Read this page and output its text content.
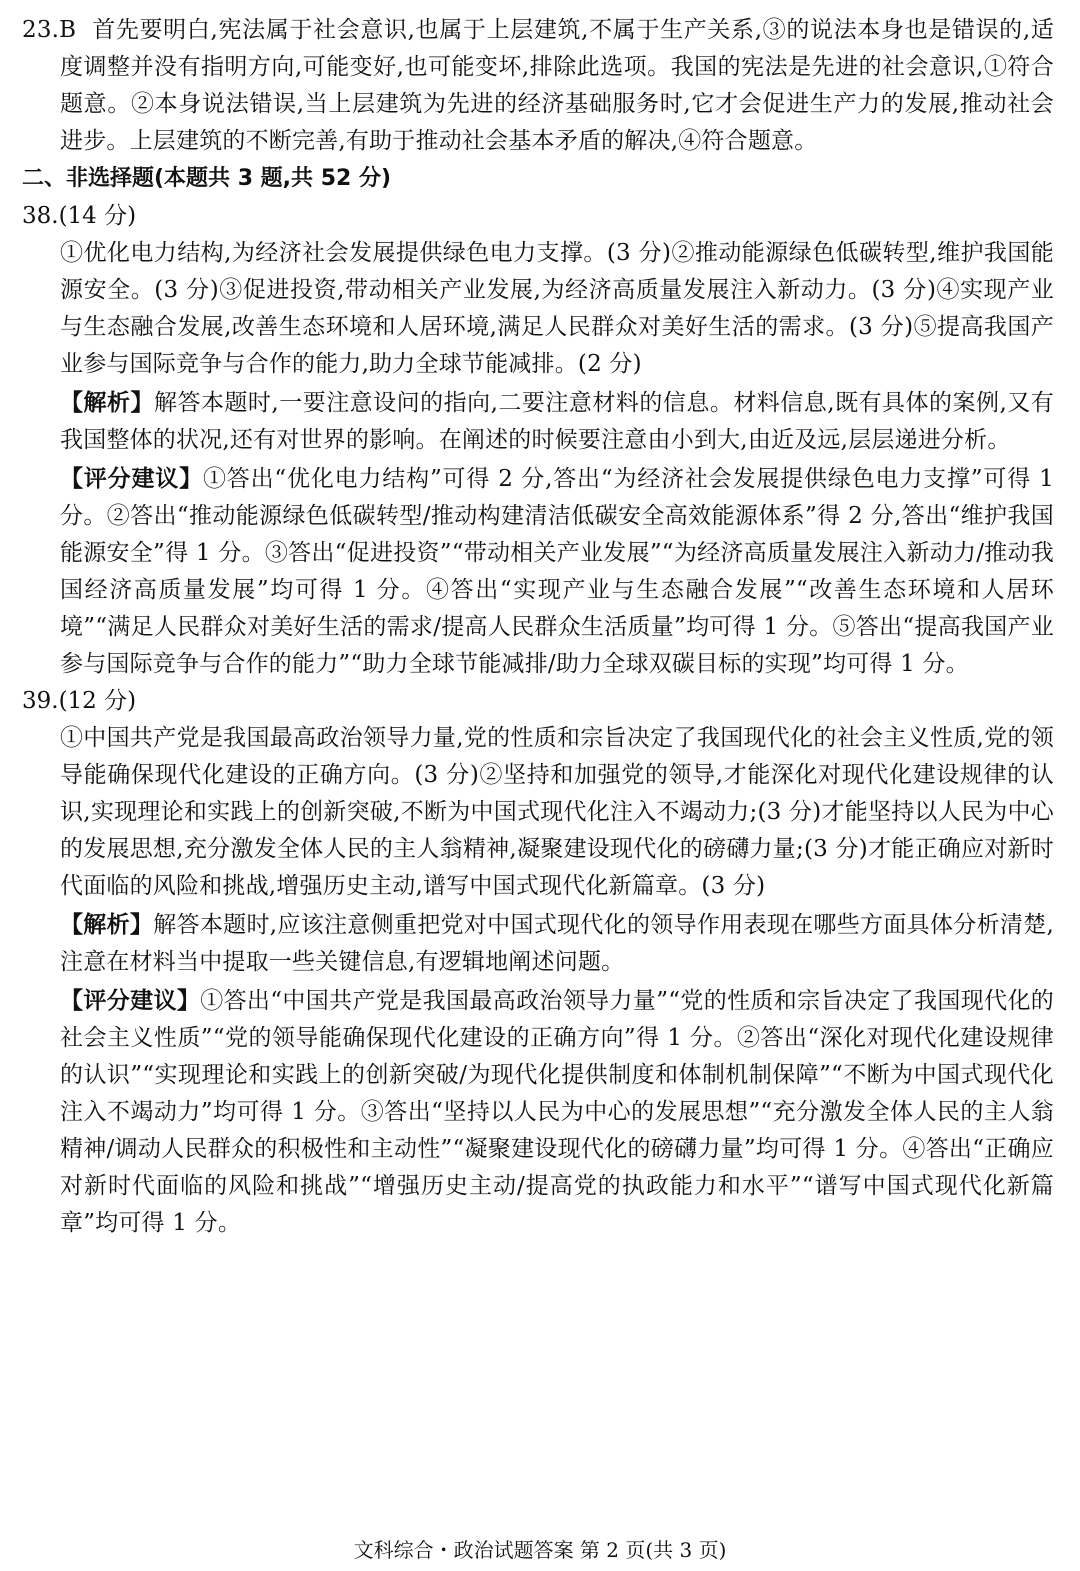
23.B 首先要明白,宪法属于社会意识,也属于上层建筑,不属于生产关系,③的说法本身也是错误的,适度调整并没有指明方向,可能变好,也可能变坏,排除此选项。我国的宪法是先进的社会意识,①符合题意。②本身说法错误,当上层建筑为先进的经济基础服务时,它才会促进生产力的发展,推动社会进步。上层建筑的不断完善,有助于推动社会基本矛盾的解决,④符合题意。

二、非选择题(本题共 3 题,共 52 分)

38.(14 分)

①优化电力结构,为经济社会发展提供绿色电力支撑。(3 分)②推动能源绿色低碳转型,维护我国能源安全。(3 分)③促进投资,带动相关产业发展,为经济高质量发展注入新动力。(3 分)④实现产业与生态融合发展,改善生态环境和人居环境,满足人民群众对美好生活的需求。(3 分)⑤提高我国产业参与国际竞争与合作的能力,助力全球节能减排。(2 分)

【解析】解答本题时,一要注意设问的指向,二要注意材料的信息。材料信息,既有具体的案例,又有我国整体的状况,还有对世界的影响。在阐述的时候要注意由小到大,由近及远,层层递进分析。

【评分建议】①答出“优化电力结构”可得 2 分,答出“为经济社会发展提供绿色电力支撑”可得 1 分。②答出“推动能源绿色低碳转型/推动构建清洁低碳安全高效能源体系”得 2 分,答出“维护我国能源安全”得 1 分。③答出“促进投资”“带动相关产业发展”“为经济高质量发展注入新动力/推动我国经济高质量发展”均可得 1 分。④答出“实现产业与生态融合发展”“改善生态环境和人居环境”“满足人民群众对美好生活的需求/提高人民群众生活质量”均可得 1 分。⑤答出“提高我国产业参与国际竞争与合作的能力”“助力全球节能减排/助力全球双碳目标的实现”均可得 1 分。

39.(12 分)

①中国共产党是我国最高政治领导力量,党的性质和宗旨决定了我国现代化的社会主义性质,党的领导能确保现代化建设的正确方向。(3 分)②坚持和加强党的领导,才能深化对现代化建设规律的认识,实现理论和实践上的创新突破,不断为中国式现代化注入不竭动力;(3 分)才能坚持以人民为中心的发展思想,充分激发全体人民的主人翁精神,凝聚建设现代化的磅礴力量;(3 分)才能正确应对新时代面临的风险和挑战,增强历史主动,谱写中国式现代化新篇章。(3 分)

【解析】解答本题时,应该注意侧重把党对中国式现代化的领导作用表现在哪些方面具体分析清楚,注意在材料当中提取一些关键信息,有逻辑地阐述问题。

【评分建议】①答出“中国共产党是我国最高政治领导力量”“党的性质和宗旨决定了我国现代化的社会主义性质”“党的领导能确保现代化建设的正确方向”得 1 分。②答出“深化对现代化建设规律的认识”“实现理论和实践上的创新突破/为现代化提供制度和体制机制保障”“不断为中国式现代化注入不竭动力”均可得 1 分。③答出“坚持以人民为中心的发展思想”“充分激发全体人民的主人翁精神/调动人民群众的积极性和主动性”“凝聚建设现代化的磅礴力量”均可得 1 分。④答出“正确应对新时代面临的风险和挑战”“增强历史主动/提高党的执政能力和水平”“谱写中国式现代化新篇章”均可得 1 分。

文科综合・政治试题答案 第 2 页(共 3 页)
